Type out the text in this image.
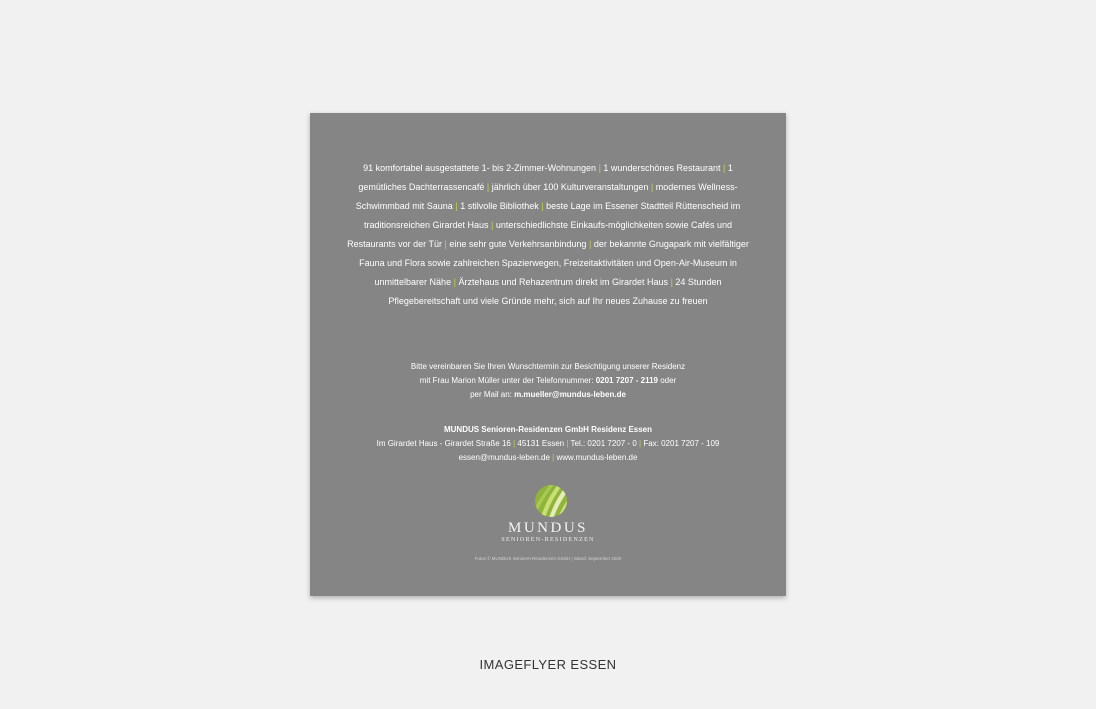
91 komfortabel ausgestattete 1- bis 2-Zimmer-Wohnungen | 1 wunderschönes Restaurant | 1 gemütliches Dachterrassencafé | jährlich über 100 Kulturveranstaltungen | modernes Wellness-Schwimmbad mit Sauna | 1 stilvolle Bibliothek | beste Lage im Essener Stadtteil Rüttenscheid im traditionsreichen Girardet Haus | unterschiedlichste Einkaufs-möglichkeiten sowie Cafés und Restaurants vor der Tür | eine sehr gute Verkehrsanbindung | der bekannte Grugapark mit vielfältiger Fauna und Flora sowie zahlreichen Spazierwegen, Freizeitaktivitäten und Open-Air-Museum in unmittelbarer Nähe | Ärztehaus und Rehazentrum direkt im Girardet Haus | 24 Stunden Pflegebereitschaft und viele Gründe mehr, sich auf Ihr neues Zuhause zu freuen
Bitte vereinbaren Sie Ihren Wunschtermin zur Besichtigung unserer Residenz
mit Frau Marion Müller unter der Telefonnummer: 0201 7207 - 2119 oder
per Mail an: m.mueller@mundus-leben.de
MUNDUS Senioren-Residenzen GmbH Residenz Essen
Im Girardet Haus - Girardet Straße 16 | 45131 Essen | Tel.: 0201 7207 - 0 | Fax: 0201 7207 - 109
essen@mundus-leben.de | www.mundus-leben.de
MUNDUS
SENIOREN-RESIDENZEN
Fotos © MUNDUS Senioren-Residenzen GmbH | Stand: September 2020
IMAGEFLYER ESSEN
